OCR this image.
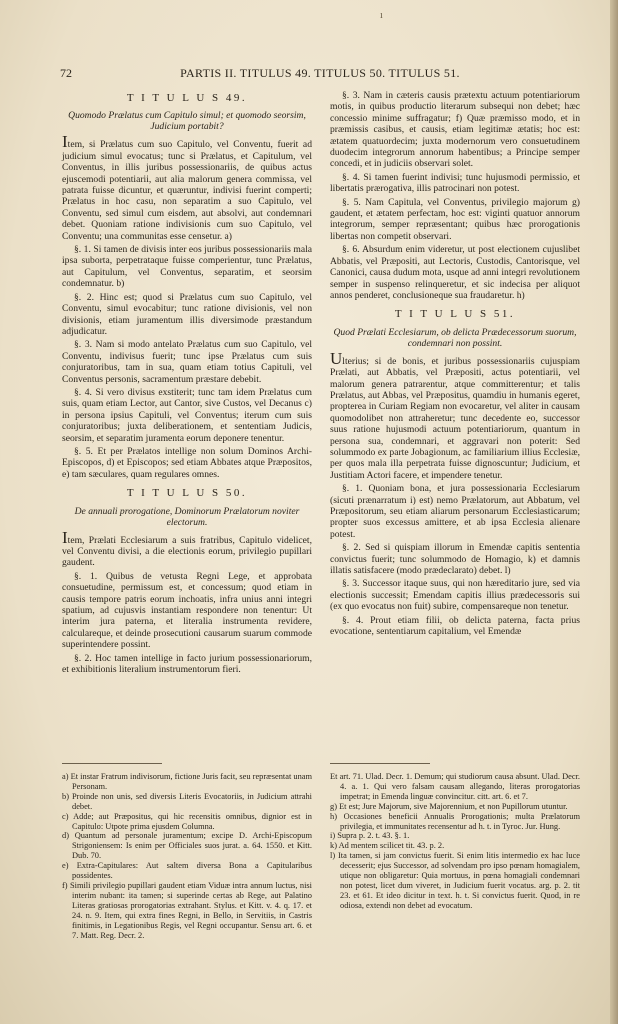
ı
72	PARTIS II. TITULUS 49. TITULUS 50. TITULUS 51.
T I T U L U S 49.
Quomodo Prælatus cum Capitulo simul; et quomodo seorsim, Judicium portabit?

Item, si Prælatus cum suo Capitulo, vel Conventu, fuerit ad judicium simul evocatus; tunc si Prælatus, et Capitulum, vel Conventus, in illis juribus possessionariis, de quibus actus ejuscemodi potentiarii, aut alia malorum genera commissa, vel patrata fuisse dicuntur, et quæruntur, indivisi fuerint comperti; Prælatus in hoc casu, non separatim a suo Capitulo, vel Conventu, sed simul cum eisdem, aut absolvi, aut condemnari debet. Quoniam ratione indivisionis cum suo Capitulo, vel Conventu; una communitas esse censetur. a)

§. 1. Si tamen de divisis inter eos juribus possessionariis mala ipsa suborta, perpetrataque fuisse comperientur, tunc Prælatus, aut Capitulum, vel Conventus, separatim, et seorsim condemnatur. b)

§. 2. Hinc est; quod si Prælatus cum suo Capitulo, vel Conventu, simul evocabitur; tunc ratione divisionis, vel non divisionis, etiam juramentum illis diversimode præstandum adjudicatur.

§. 3. Nam si modo antelato Prælatus cum suo Capitulo, vel Conventu, indivisus fuerit; tunc ipse Prælatus cum suis conjuratoribus, tam in sua, quam etiam totius Capituli, vel Conventus personis, sacramentum præstare debebit.

§. 4. Si vero divisus exstiterit; tunc tam idem Prælatus cum suis, quam etiam Lector, aut Cantor, sive Custos, vel Decanus c) in persona ipsius Capituli, vel Conventus; iterum cum suis conjuratoribus; juxta deliberationem, et sententiam Judicis, seorsim, et separatim juramenta eorum deponere tenentur.

§. 5. Et per Prælatos intellige non solum Dominos Archi-Episcopos, d) et Episcopos; sed etiam Abbates atque Præpositos, e) tam sæculares, quam regulares omnes.

T I T U L U S 50.
De annuali prorogatione, Dominorum Prælatorum noviter electorum.

Item, Prælati Ecclesiarum a suis fratribus, Capitulo videlicet, vel Conventu divisi, a die electionis eorum, privilegio pupillari gaudent.

§. 1. Quibus de vetusta Regni Lege, et approbata consuetudine, permissum est, et concessum; quod etiam in causis tempore patris eorum inchoatis, infra unius anni integri spatium, ad cujusvis instantiam respondere non tenentur: Ut interim jura paterna, et literalia instrumenta revidere, calculareque, et deinde prosecutioni causarum suarum commode superintendere possint.

§. 2. Hoc tamen intellige in facto jurium possessionariorum, et exhibitionis literalium instrumentorum fieri.

§. 3. Nam in cæteris causis prætextu actuum potentiariorum motis, in quibus productio literarum subsequi non debet; hæc concessio minime suffragatur; f) Quæ præmisso modo, et in præmissis casibus, et causis, etiam legitimæ ætatis; hoc est: ætatem quatuordecim; juxta modernorum vero consuetudinem duodecim integrorum annorum habentibus; a Principe semper concedi, et in judiciis observari solet.

§. 4. Si tamen fuerint indivisi; tunc hujusmodi permissio, et libertatis prærogativa, illis patrocinari non potest.

§. 5. Nam Capitula, vel Conventus, privilegio majorum g) gaudent, et ætatem perfectam, hoc est: viginti quatuor annorum integrorum, semper repræsentant; quibus hæc prorogationis libertas non competit observari.

§. 6. Absurdum enim videretur, ut post electionem cujuslibet Abbatis, vel Præpositi, aut Lectoris, Custodis, Cantorisque, vel Canonici, causa dudum mota, usque ad anni integri revolutionem semper in suspenso relinqueretur, et sic indecisa per aliquot annos penderet, conclusioneque sua fraudaretur. h)

T I T U L U S 51.
Quod Prælati Ecclesiarum, ob delicta Prædecessorum suorum, condemnari non possint.

Ulterius; si de bonis, et juribus possessionariis cujuspiam Prælati, aut Abbatis, vel Præpositi, actus potentiarii, vel malorum genera patrarentur, atque committerentur; et talis Prælatus, aut Abbas, vel Præpositus, quamdiu in humanis egeret, propterea in Curiam Regiam non evocaretur, vel aliter in causam quomodolibet non attraheretur; tunc decedente eo, successor suus ratione hujusmodi actuum potentiariorum, quantum in persona sua, condemnari, et aggravari non poterit: Sed solummodo ex parte Jobagionum, ac familiarium illius Ecclesiæ, per quos mala illa perpetrata fuisse dignoscuntur; Judicium, et Justitiam Actori facere, et impendere tenetur.

§. 1. Quoniam bona, et jura possessionaria Ecclesiarum (sicuti prænarratum i) est) nemo Prælatorum, aut Abbatum, vel Præpositorum, seu etiam aliarum personarum Ecclesiasticarum; propter suos excessus amittere, et ab ipsa Ecclesia alienare potest.

§. 2. Sed si quispiam illorum in Emendæ capitis sententia convictus fuerit; tunc solummodo de Homagio, k) et damnis illatis satisfacere (modo prædeclarato) debet. l)

§. 3. Successor itaque suus, qui non hæreditario jure, sed via electionis successit; Emendam capitis illius prædecessoris sui (ex quo evocatus non fuit) subire, compensareque non tenetur.

§. 4. Prout etiam filii, ob delicta paterna, facta prius evocatione, sententiarum capitalium, vel Emendæ

a) Et instar Fratrum indivisorum, fictione Juris facit, seu repræsentat unam Personam.
b) Proinde non unis, sed diversis Literis Evocatoriis, in Judicium attrahi debet.
c) Adde; aut Præpositus, qui hic recensitis omnibus, dignior est in Capitulo: Utpote prima ejusdem Columna.
d) Quantum ad personale juramentum; excipe D. Archi-Episcopum Strigoniensem: Is enim per Officiales suos jurat. a. 64. 1550. et Kitt. Dub. 70.
e) Extra-Capitulares: Aut saltem diversa Bona a Capitularibus possidentes.
f) Simili privilegio pupillari gaudent etiam Viduæ intra annum luctus, nisi interim nubant: ita tamen; si superinde certas ab Rege, aut Palatino Literas gratiosas prorogatorias extrahant. Stylus. et Kitt. v. 4. q. 17. et 24. n. 9. Item, qui extra fines Regni, in Bello, in Servitiis, in Castris finitimis, in Legationibus Regis, vel Regni occupantur. Sensu art. 6. et 7. Matt. Reg. Decr. 2.
Et art. 71. Ulad. Decr. 1. Demum; qui studiorum causa absunt. Ulad. Decr. 4. a. 1. Qui vero falsam causam allegando, literas prorogatorias impetrat; in Emenda linguæ convincitur. citt. art. 6. et 7.
g) Et est; Jure Majorum, sive Majorennium, et non Pupillorum utuntur.
h) Occasiones beneficii Annualis Prorogationis; multa Prælatorum privilegia, et immunitates recensentur ad h. t. in Tyroc. Jur. Hung.
i) Supra p. 2. t. 43. §. 1.
k) Ad mentem scilicet tit. 43. p. 2.
l) Ita tamen, si jam convictus fuerit. Si enim litis intermedio ex hac luce decesserit; ejus Successor, ad solvendam pro ipso pœnam homagialem, utique non obligaretur: Quia mortuus, in pœna homagiali condemnari non potest, licet dum viveret, in Judicium fuerit vocatus. arg. p. 2. tit 23. et 61. Et ideo dicitur in text. h. t. Si convictus fuerit. Quod, in re odiosa, extendi non debet ad evocatum.
